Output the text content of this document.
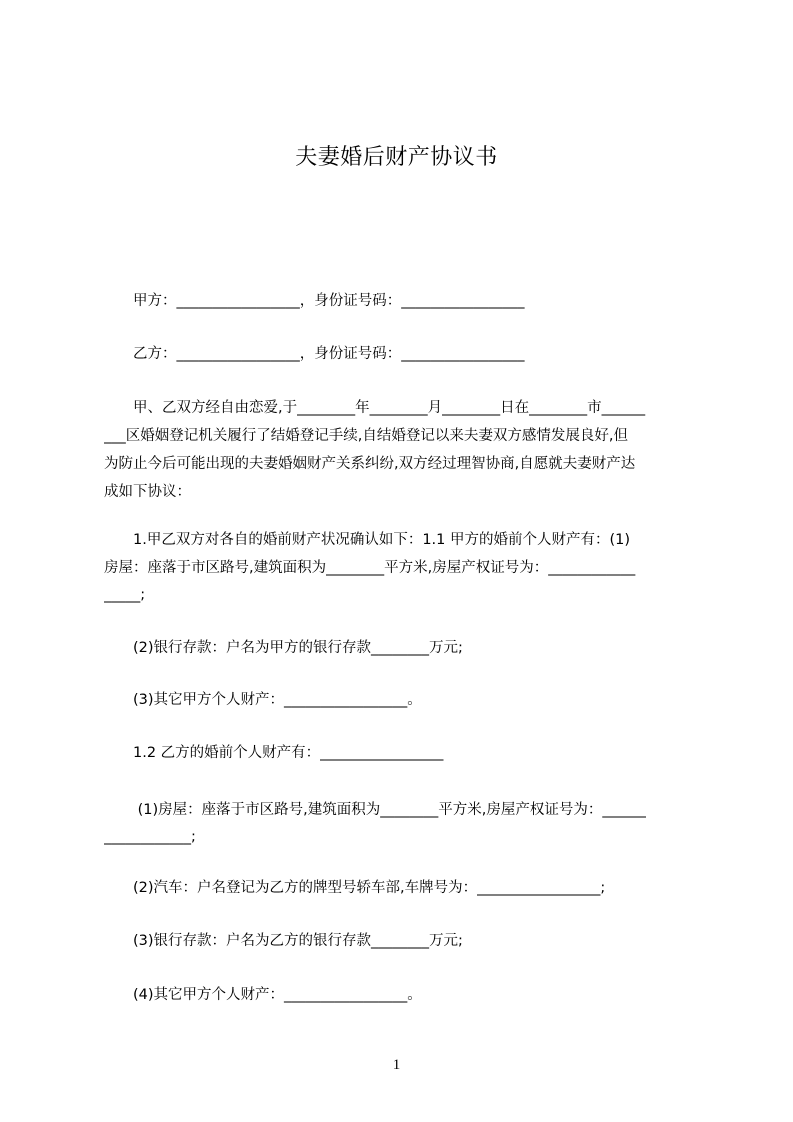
夫妻婚后财产协议书
　　甲方：_________________，身份证号码：_________________
　　乙方：_________________，身份证号码：_________________
　　甲、乙双方经自由恋爱,于________年________月________日在________市______
___区婚姻登记机关履行了结婚登记手续,自结婚登记以来夫妻双方感情发展良好,但
为防止今后可能出现的夫妻婚姻财产关系纠纷,双方经过理智协商,自愿就夫妻财产达
成如下协议：
　　1.甲乙双方对各自的婚前财产状况确认如下：1.1 甲方的婚前个人财产有：(1)
房屋：座落于市区路号,建筑面积为________平方米,房屋产权证号为：____________
_____;
　　(2)银行存款：户名为甲方的银行存款________万元;
　　(3)其它甲方个人财产：_________________。
　　1.2 乙方的婚前个人财产有：_________________
　　 (1)房屋：座落于市区路号,建筑面积为________平方米,房屋产权证号为：______
____________;
　　(2)汽车：户名登记为乙方的牌型号轿车部,车牌号为：_________________;
　　(3)银行存款：户名为乙方的银行存款________万元;
　　(4)其它甲方个人财产：_________________。
1
